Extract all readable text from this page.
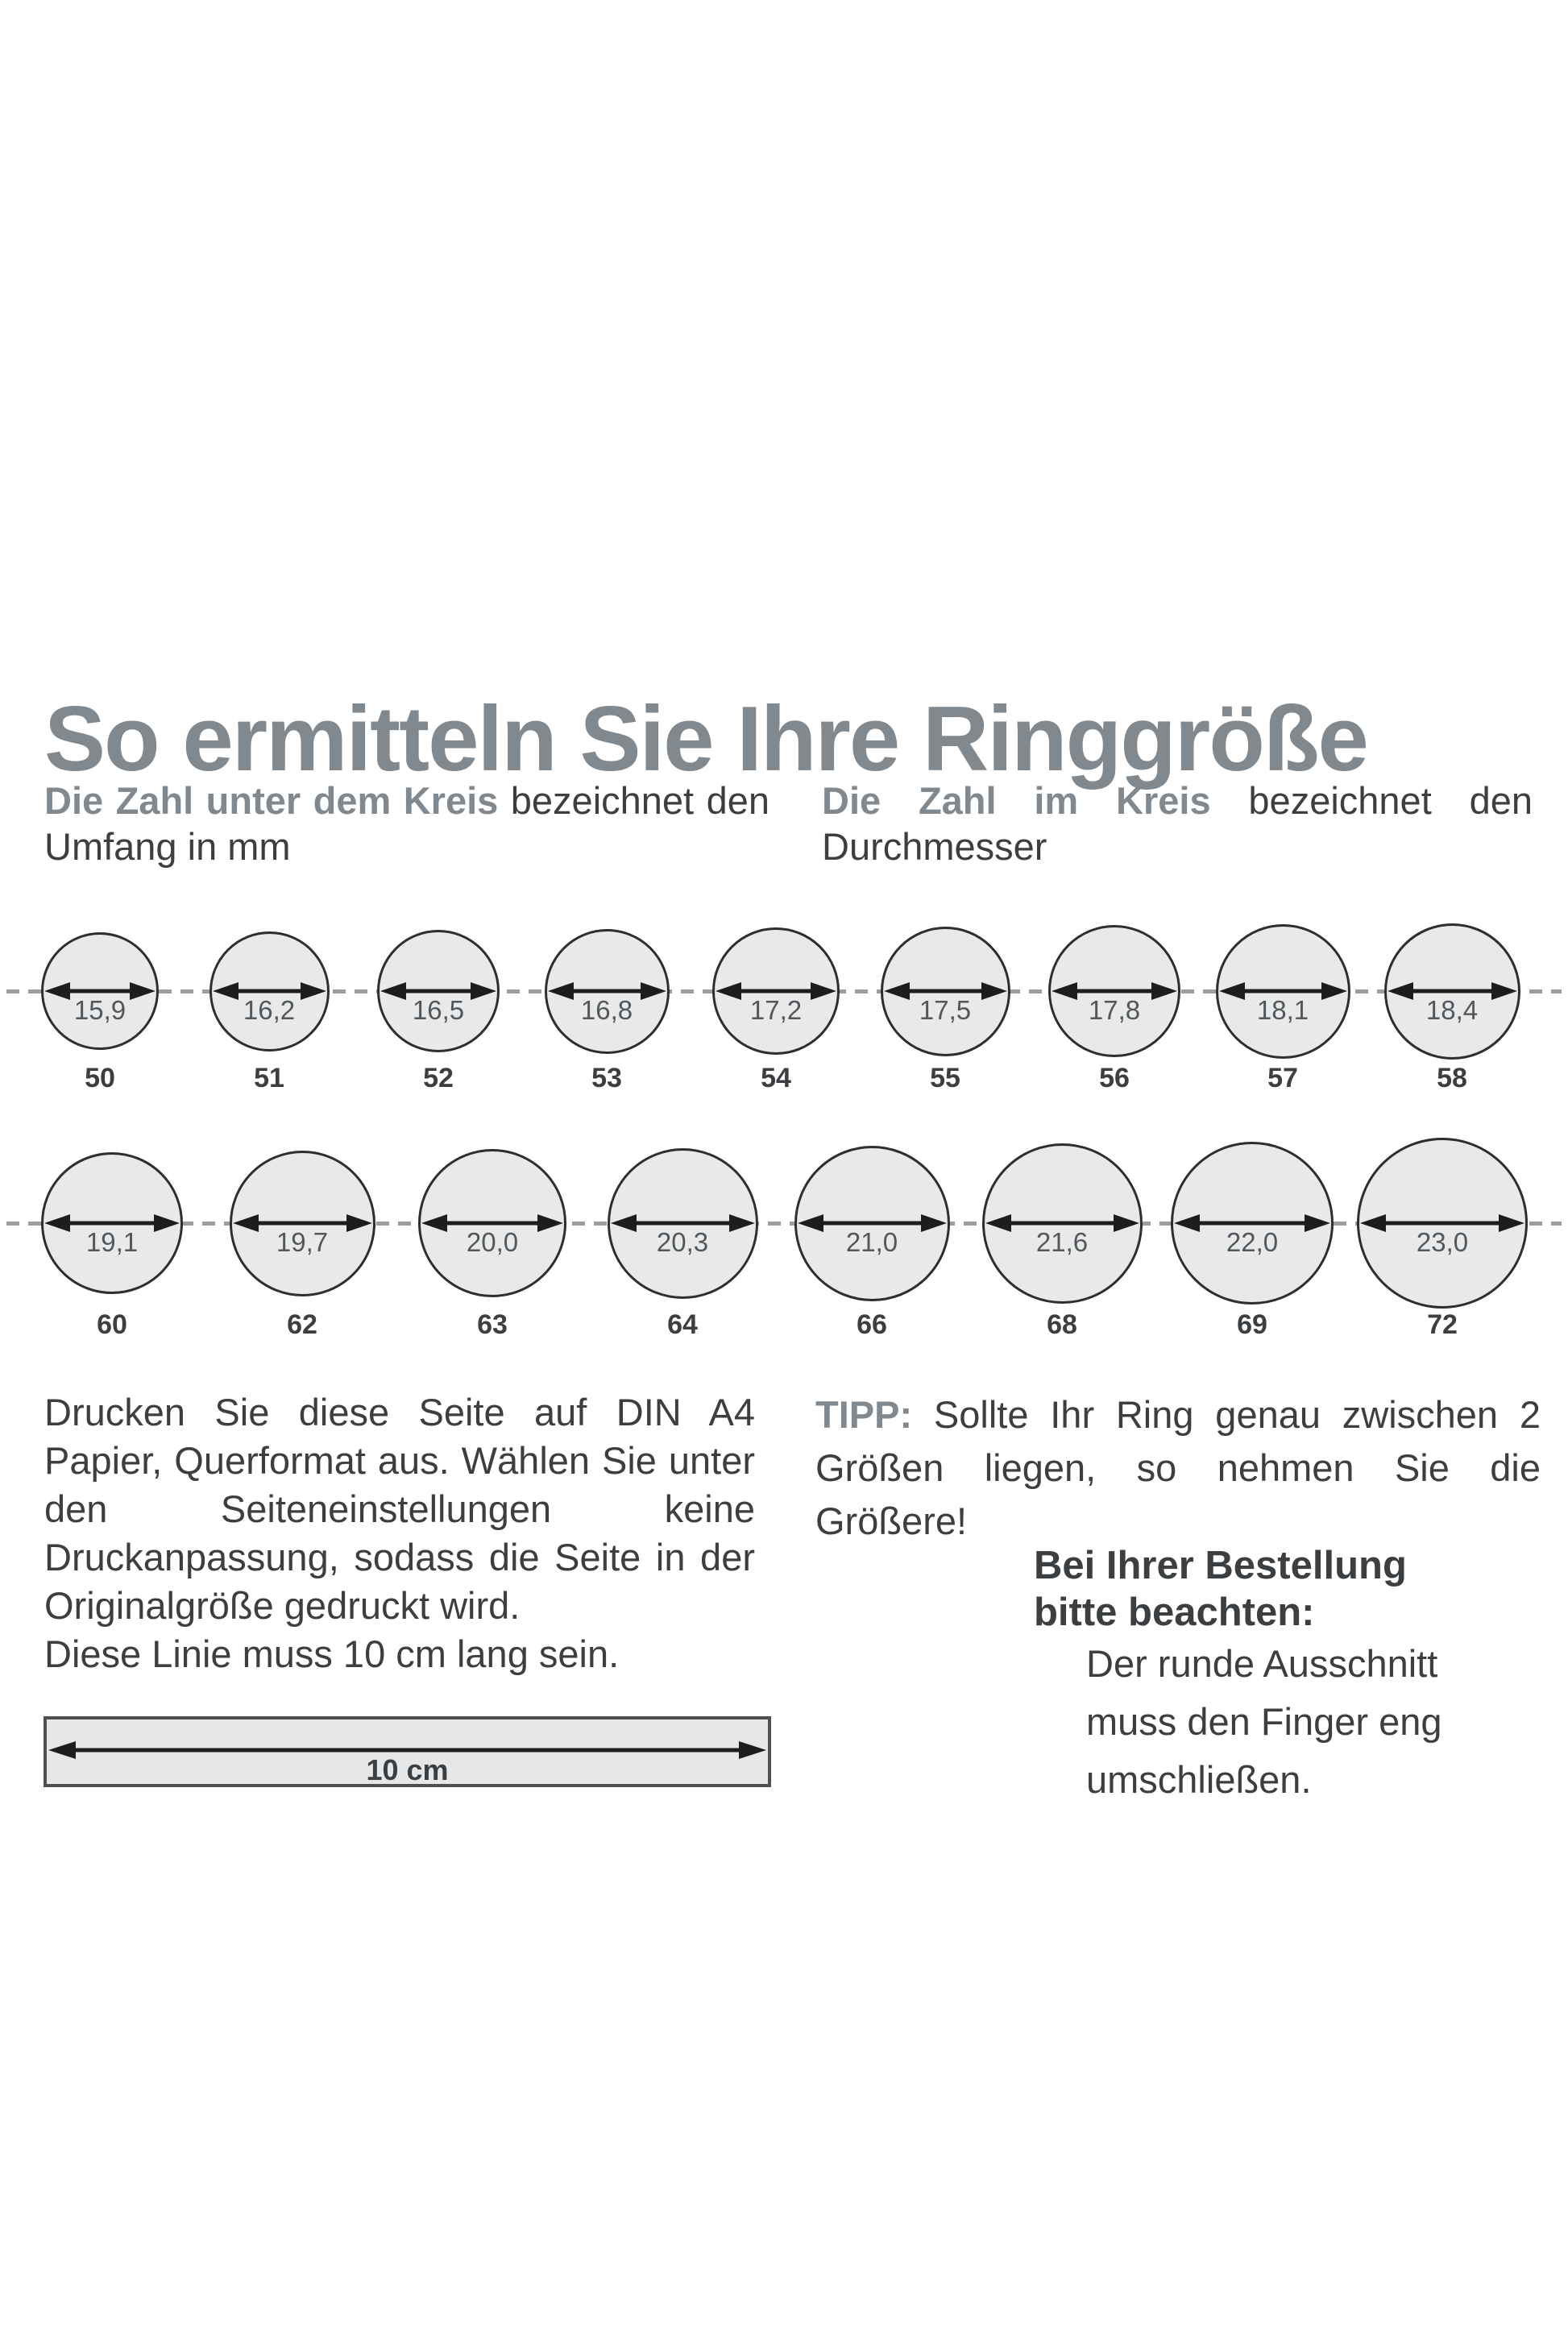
So ermitteln Sie Ihre Ringgröße
Die Zahl unter dem Kreis bezeichnet den Umfang in mm
Die Zahl im Kreis bezeichnet den Durchmesser
15,9
50
16,2
51
16,5
52
16,8
53
17,2
54
17,5
55
17,8
56
18,1
57
18,4
58
19,1
60
19,7
62
20,0
63
20,3
64
21,0
66
21,6
68
22,0
69
23,0
72
Drucken Sie diese Seite auf DIN A4 Papier, Querformat aus. Wählen Sie unter den Seiteneinstellungen keine Druckanpassung, sodass die Seite in der Originalgröße gedruckt wird.
Diese Linie muss 10 cm lang sein.
TIPP: Sollte Ihr Ring genau zwischen 2 Größen liegen, so nehmen Sie die Größere!
Bei Ihrer Bestellung bitte beachten:
Der runde Ausschnitt muss den Finger eng umschließen.
10 cm
